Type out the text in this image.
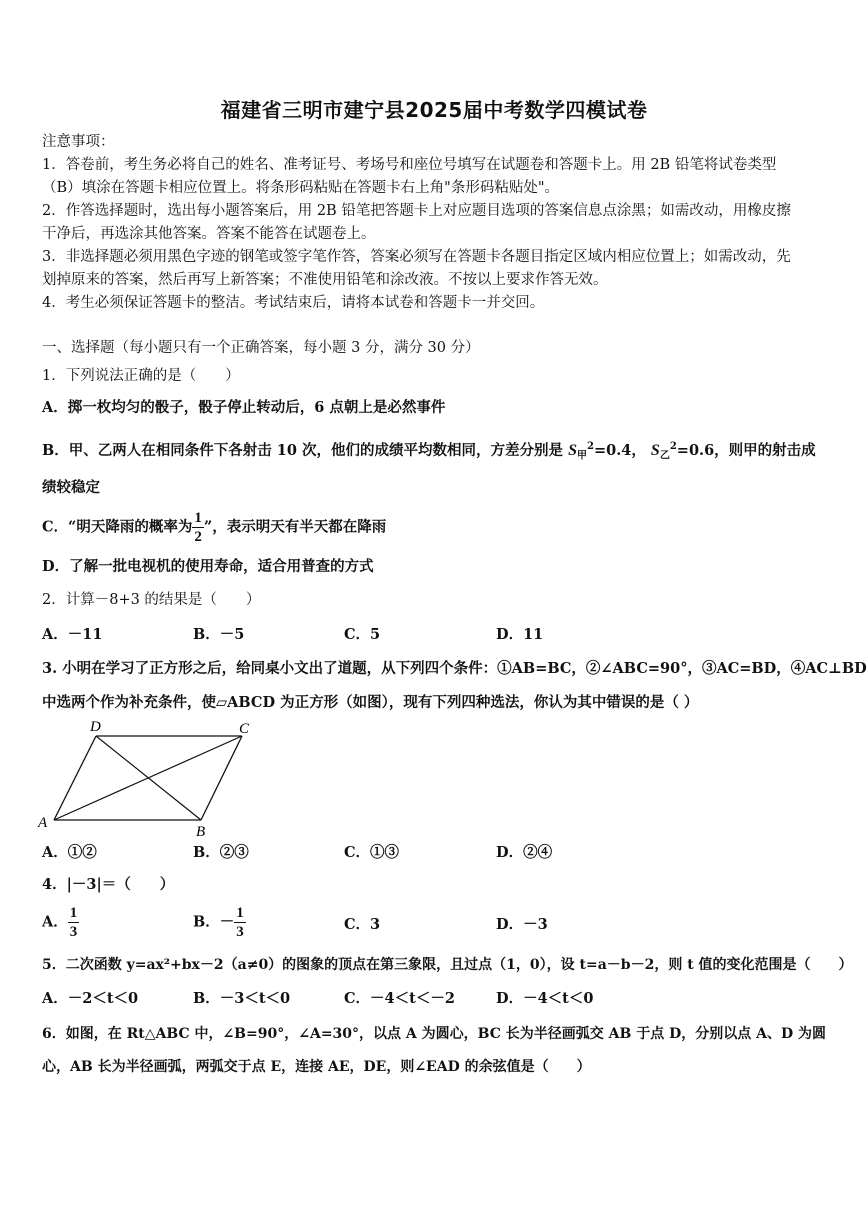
福建省三明市建宁县2025届中考数学四模试卷
注意事项：
1．答卷前，考生务必将自己的姓名、准考证号、考场号和座位号填写在试题卷和答题卡上。用 2B 铅笔将试卷类型
（B）填涂在答题卡相应位置上。将条形码粘贴在答题卡右上角"条形码粘贴处"。
2．作答选择题时，选出每小题答案后，用 2B 铅笔把答题卡上对应题目选项的答案信息点涂黑；如需改动，用橡皮擦
干净后，再选涂其他答案。答案不能答在试题卷上。
3．非选择题必须用黑色字迹的钢笔或签字笔作答，答案必须写在答题卡各题目指定区域内相应位置上；如需改动，先
划掉原来的答案，然后再写上新答案；不准使用铅笔和涂改液。不按以上要求作答无效。
4．考生必须保证答题卡的整洁。考试结束后，请将本试卷和答题卡一并交回。
一、选择题（每小题只有一个正确答案，每小题 3 分，满分 30 分）
1．下列说法正确的是（　　）
A．掷一枚均匀的骰子，骰子停止转动后，6 点朝上是必然事件
B．甲、乙两人在相同条件下各射击 10 次，他们的成绩平均数相同，方差分别是 $S_甲^2=0.4$， $S_乙^2=0.6$，则甲的射击成
绩较稳定
C．“明天降雨的概率为 $\frac{1}{2}$ ”，表示明天有半天都在降雨
D．了解一批电视机的使用寿命，适合用普查的方式
2．计算－8+3 的结果是（　　）
A．－11	B．－5	C．5	D．11
3. 小明在学习了正方形之后，给同桌小文出了道题，从下列四个条件：①AB=BC，②∠ABC=90°，③AC=BD，④AC⊥BD
中选两个作为补充条件，使▱ABCD 为正方形（如图），现有下列四种选法，你认为其中错误的是（ ）
A
D	C
B
A．①②	B．②③	C．①③	D．②④
4．|－3|＝（　　）
A． $\frac{1}{3}$	B．－ $\frac{1}{3}$	C．3	D．－3
5．二次函数 y=ax²+bx－2（a≠0）的图象的顶点在第三象限，且过点（1，0），设 t=a－b－2，则 t 值的变化范围是（　　）
A．－2＜t＜0	B．－3＜t＜0	C．－4＜t＜－2	D．－4＜t＜0
6．如图，在 Rt△ABC 中，∠B=90°，∠A=30°，以点 A 为圆心，BC 长为半径画弧交 AB 于点 D，分别以点 A、D 为圆
心，AB 长为半径画弧，两弧交于点 E，连接 AE，DE，则∠EAD 的余弦值是（　　）
